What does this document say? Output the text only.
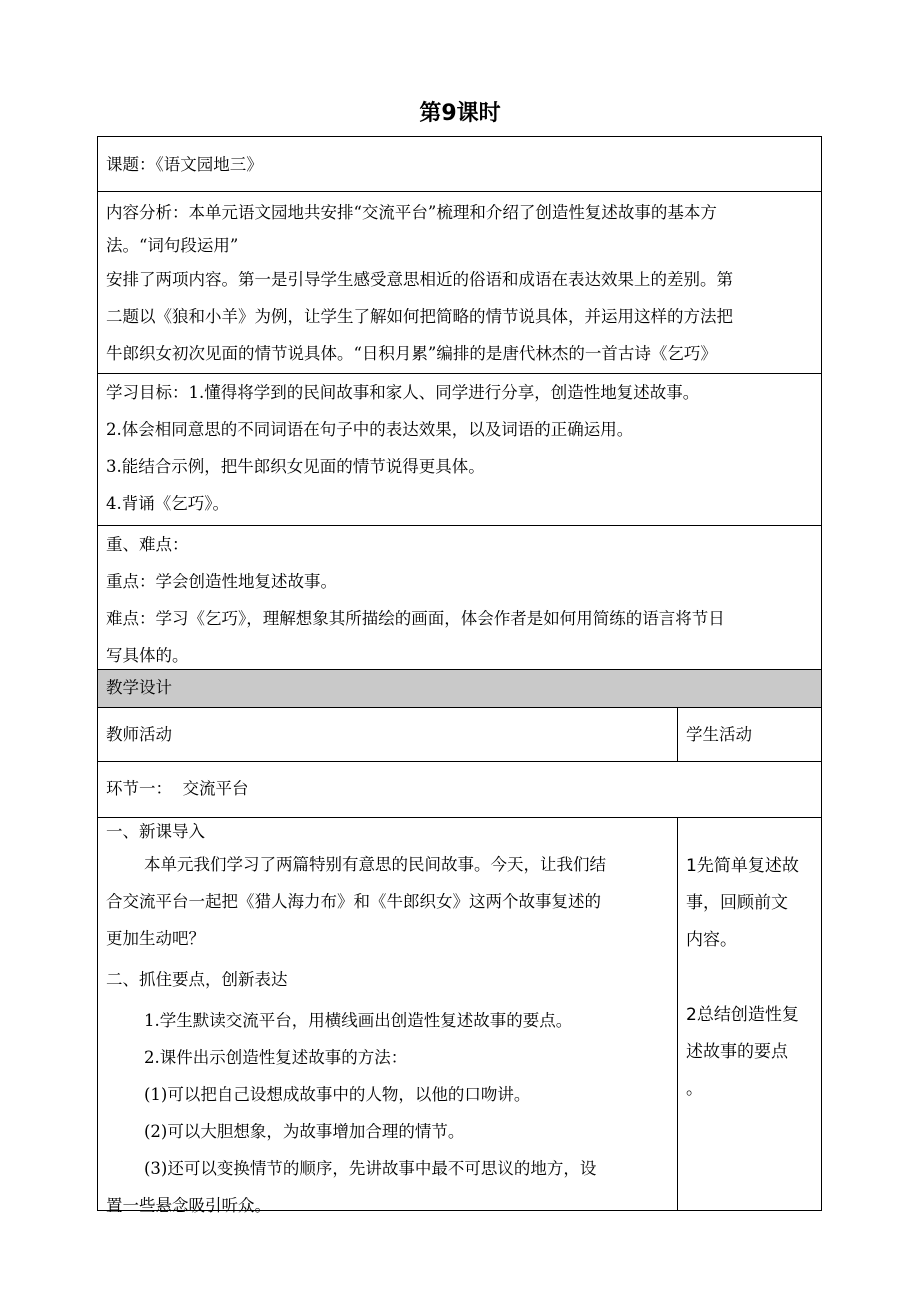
第9课时
课题：《语文园地三》
内容分析：本单元语文园地共安排“交流平台”梳理和介绍了创造性复述故事的基本方
法。“词句段运用”
安排了两项内容。第一是引导学生感受意思相近的俗语和成语在表达效果上的差别。第
二题以《狼和小羊》为例，让学生了解如何把简略的情节说具体，并运用这样的方法把
牛郎织女初次见面的情节说具体。“日积月累”编排的是唐代林杰的一首古诗《乞巧》
学习目标：1.懂得将学到的民间故事和家人、同学进行分享，创造性地复述故事。
2.体会相同意思的不同词语在句子中的表达效果，以及词语的正确运用。
3.能结合示例，把牛郎织女见面的情节说得更具体。
4.背诵《乞巧》。
重、难点：
重点：学会创造性地复述故事。
难点：学习《乞巧》，理解想象其所描绘的画面，体会作者是如何用简练的语言将节日
写具体的。
教学设计
教师活动	学生活动
环节一：  交流平台
一、新课导入
本单元我们学习了两篇特别有意思的民间故事。今天，让我们结
合交流平台一起把《猎人海力布》和《牛郎织女》这两个故事复述的
更加生动吧？
二、抓住要点，创新表达
1.学生默读交流平台，用横线画出创造性复述故事的要点。
2.课件出示创造性复述故事的方法：
(1)可以把自己设想成故事中的人物，以他的口吻讲。
(2)可以大胆想象，为故事增加合理的情节。
(3)还可以变换情节的顺序，先讲故事中最不可思议的地方，设
置一些悬念吸引听众。
1先简单复述故
事，回顾前文
内容。
2总结创造性复
述故事的要点
。
